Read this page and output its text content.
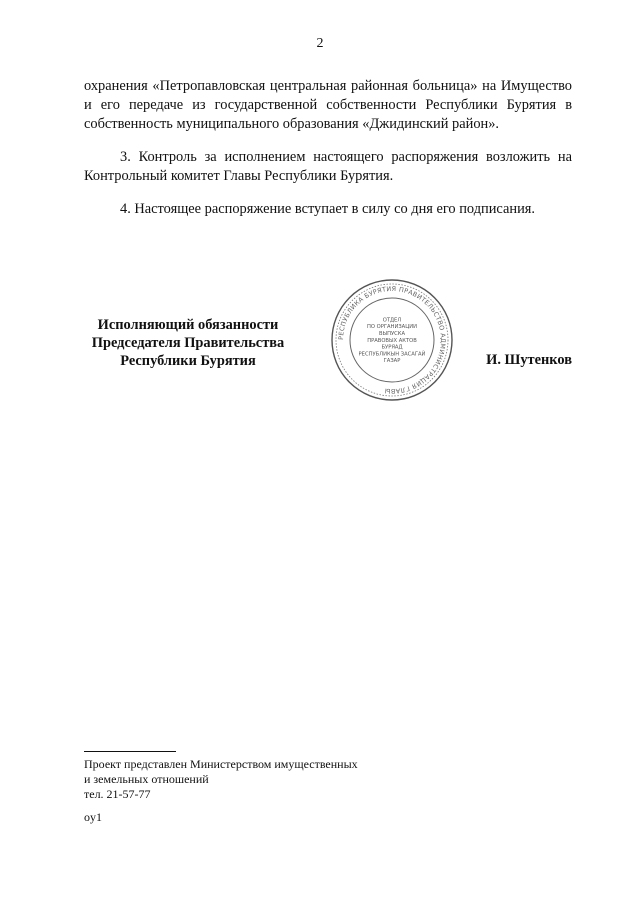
2

охранения «Петропавловская центральная районная больница» на Имущество и его передаче из государственной собственности Республики Бурятия в собственность муниципального образования «Джидинский район».

3. Контроль за исполнением настоящего распоряжения возложить на Контрольный комитет Главы Республики Бурятия.

4. Настоящее распоряжение вступает в силу со дня его подписания.

Исполняющий обязанности
Председателя Правительства
Республики Бурятия
РЕСПУБЛИКА БУРЯТИЯ ПРАВИТЕЛЬСТВО АДМИНИСТРАЦИЯ ГЛАВЫ
ОТДЕЛ
ПО ОРГАНИЗАЦИИ
ВЫПУСКА
ПРАВОВЫХ АКТОВ
БУРЯАД
РЕСПУБЛИКЫН ЗАСАГАЙ
ГАЗАР	И. Шутенков
Проект представлен Министерством имущественных
и земельных отношений
тел. 21-57-77
oy1
